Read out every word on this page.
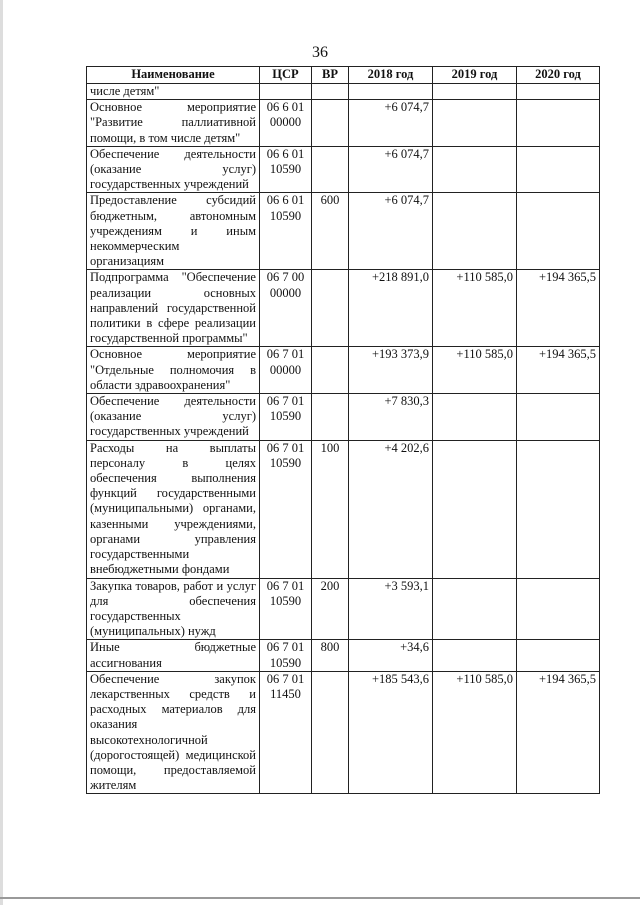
36
Наименование	ЦСР	ВР	2018 год	2019 год	2020 год
числе детям"					
Основное мероприятие "Развитие паллиативной помощи, в том числе детям"	06 6 01 00000		+6 074,7		
Обеспечение деятельности (оказание услуг) государственных учреждений	06 6 01 10590		+6 074,7		
Предоставление субсидий бюджетным, автономным учреждениям и иным некоммерческим организациям	06 6 01 10590	600	+6 074,7		
Подпрограмма "Обеспечение реализации основных направлений государственной политики в сфере реализации государственной программы"	06 7 00 00000		+218 891,0	+110 585,0	+194 365,5
Основное мероприятие "Отдельные полномочия в области здравоохранения"	06 7 01 00000		+193 373,9	+110 585,0	+194 365,5
Обеспечение деятельности (оказание услуг) государственных учреждений	06 7 01 10590		+7 830,3		
Расходы на выплаты персоналу в целях обеспечения выполнения функций государственными (муниципальными) органами, казенными учреждениями, органами управления государственными внебюджетными фондами	06 7 01 10590	100	+4 202,6		
Закупка товаров, работ и услуг для обеспечения государственных (муниципальных) нужд	06 7 01 10590	200	+3 593,1		
Иные бюджетные ассигнования	06 7 01 10590	800	+34,6		
Обеспечение закупок лекарственных средств и расходных материалов для оказания высокотехнологичной (дорогостоящей) медицинской помощи, предоставляемой жителям	06 7 01 11450		+185 543,6	+110 585,0	+194 365,5
